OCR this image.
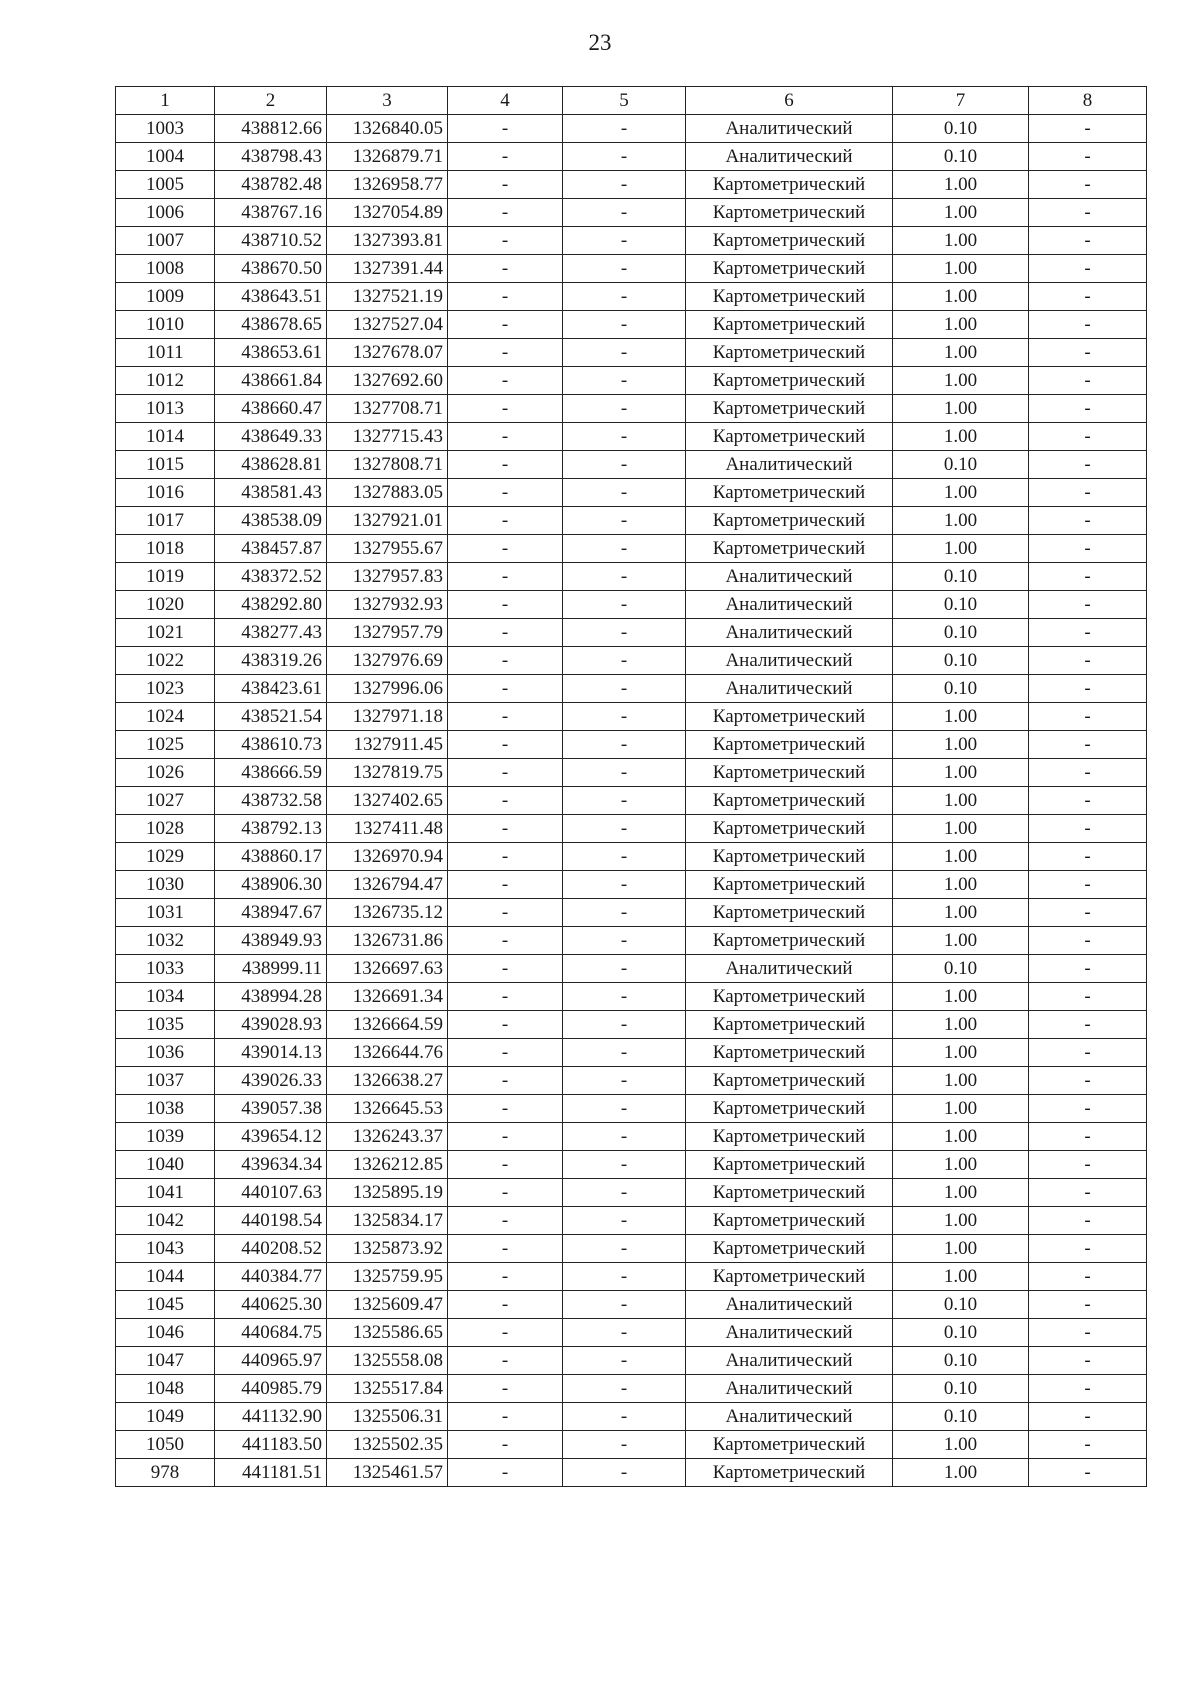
23
1	2	3	4	5	6	7	8
1003	438812.66	1326840.05	-	-	Аналитический	0.10	-
1004	438798.43	1326879.71	-	-	Аналитический	0.10	-
1005	438782.48	1326958.77	-	-	Картометрический	1.00	-
1006	438767.16	1327054.89	-	-	Картометрический	1.00	-
1007	438710.52	1327393.81	-	-	Картометрический	1.00	-
1008	438670.50	1327391.44	-	-	Картометрический	1.00	-
1009	438643.51	1327521.19	-	-	Картометрический	1.00	-
1010	438678.65	1327527.04	-	-	Картометрический	1.00	-
1011	438653.61	1327678.07	-	-	Картометрический	1.00	-
1012	438661.84	1327692.60	-	-	Картометрический	1.00	-
1013	438660.47	1327708.71	-	-	Картометрический	1.00	-
1014	438649.33	1327715.43	-	-	Картометрический	1.00	-
1015	438628.81	1327808.71	-	-	Аналитический	0.10	-
1016	438581.43	1327883.05	-	-	Картометрический	1.00	-
1017	438538.09	1327921.01	-	-	Картометрический	1.00	-
1018	438457.87	1327955.67	-	-	Картометрический	1.00	-
1019	438372.52	1327957.83	-	-	Аналитический	0.10	-
1020	438292.80	1327932.93	-	-	Аналитический	0.10	-
1021	438277.43	1327957.79	-	-	Аналитический	0.10	-
1022	438319.26	1327976.69	-	-	Аналитический	0.10	-
1023	438423.61	1327996.06	-	-	Аналитический	0.10	-
1024	438521.54	1327971.18	-	-	Картометрический	1.00	-
1025	438610.73	1327911.45	-	-	Картометрический	1.00	-
1026	438666.59	1327819.75	-	-	Картометрический	1.00	-
1027	438732.58	1327402.65	-	-	Картометрический	1.00	-
1028	438792.13	1327411.48	-	-	Картометрический	1.00	-
1029	438860.17	1326970.94	-	-	Картометрический	1.00	-
1030	438906.30	1326794.47	-	-	Картометрический	1.00	-
1031	438947.67	1326735.12	-	-	Картометрический	1.00	-
1032	438949.93	1326731.86	-	-	Картометрический	1.00	-
1033	438999.11	1326697.63	-	-	Аналитический	0.10	-
1034	438994.28	1326691.34	-	-	Картометрический	1.00	-
1035	439028.93	1326664.59	-	-	Картометрический	1.00	-
1036	439014.13	1326644.76	-	-	Картометрический	1.00	-
1037	439026.33	1326638.27	-	-	Картометрический	1.00	-
1038	439057.38	1326645.53	-	-	Картометрический	1.00	-
1039	439654.12	1326243.37	-	-	Картометрический	1.00	-
1040	439634.34	1326212.85	-	-	Картометрический	1.00	-
1041	440107.63	1325895.19	-	-	Картометрический	1.00	-
1042	440198.54	1325834.17	-	-	Картометрический	1.00	-
1043	440208.52	1325873.92	-	-	Картометрический	1.00	-
1044	440384.77	1325759.95	-	-	Картометрический	1.00	-
1045	440625.30	1325609.47	-	-	Аналитический	0.10	-
1046	440684.75	1325586.65	-	-	Аналитический	0.10	-
1047	440965.97	1325558.08	-	-	Аналитический	0.10	-
1048	440985.79	1325517.84	-	-	Аналитический	0.10	-
1049	441132.90	1325506.31	-	-	Аналитический	0.10	-
1050	441183.50	1325502.35	-	-	Картометрический	1.00	-
978	441181.51	1325461.57	-	-	Картометрический	1.00	-
